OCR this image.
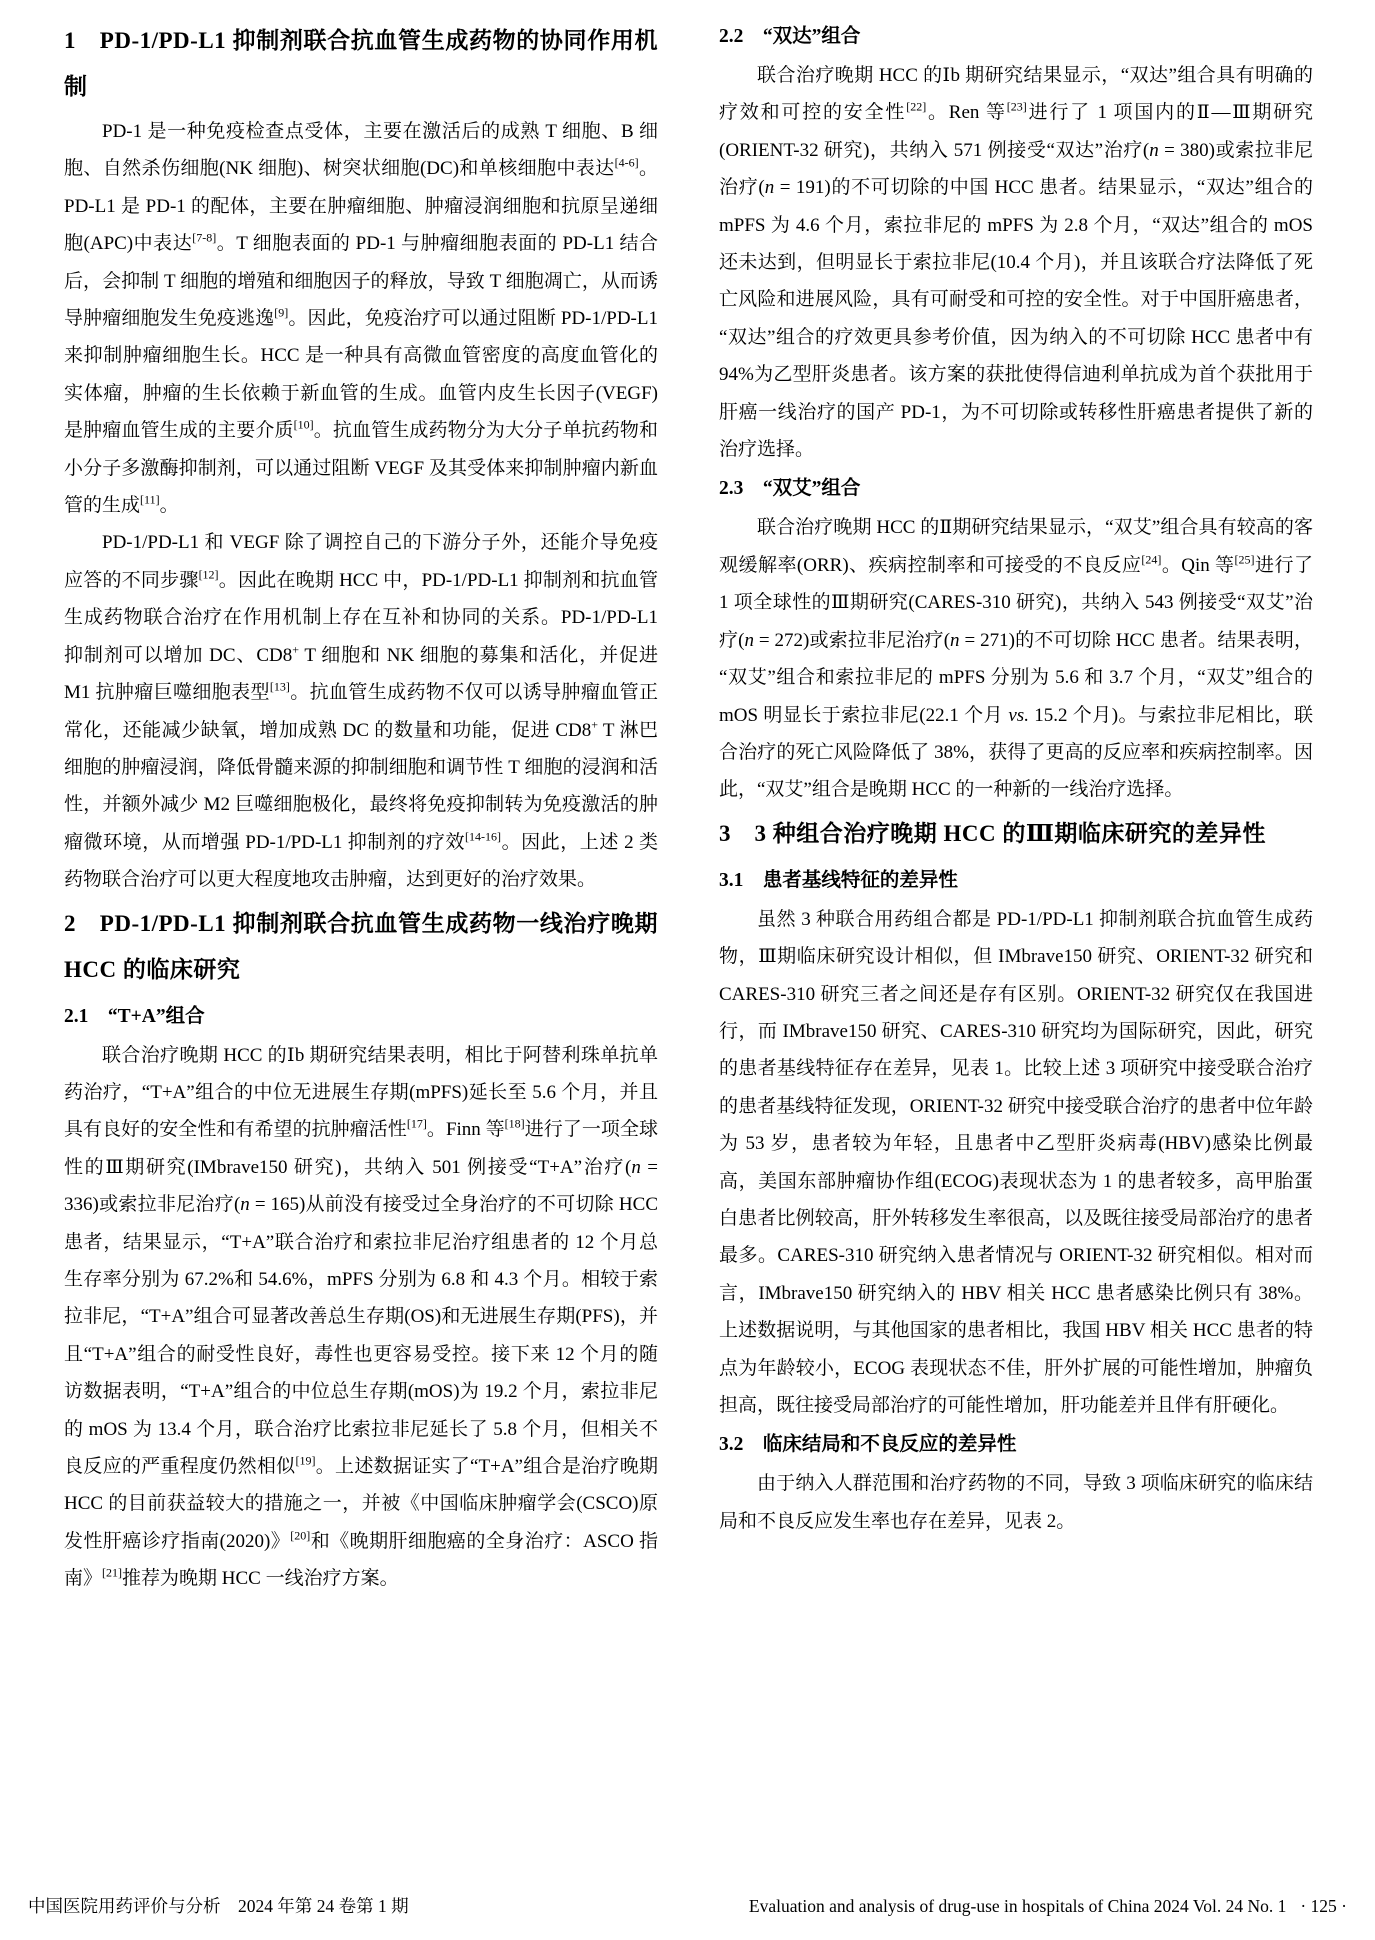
1　PD-1/PD-L1 抑制剂联合抗血管生成药物的协同作用机制
PD-1 是一种免疫检查点受体，主要在激活后的成熟 T 细胞、B 细胞、自然杀伤细胞(NK 细胞)、树突状细胞(DC)和单核细胞中表达[4-6]。PD-L1 是 PD-1 的配体，主要在肿瘤细胞、肿瘤浸润细胞和抗原呈递细胞(APC)中表达[7-8]。T 细胞表面的 PD-1 与肿瘤细胞表面的 PD-L1 结合后，会抑制 T 细胞的增殖和细胞因子的释放，导致 T 细胞凋亡，从而诱导肿瘤细胞发生免疫逃逸[9]。因此，免疫治疗可以通过阻断 PD-1/PD-L1 来抑制肿瘤细胞生长。HCC 是一种具有高微血管密度的高度血管化的实体瘤，肿瘤的生长依赖于新血管的生成。血管内皮生长因子(VEGF)是肿瘤血管生成的主要介质[10]。抗血管生成药物分为大分子单抗药物和小分子多激酶抑制剂，可以通过阻断 VEGF 及其受体来抑制肿瘤内新血管的生成[11]。
PD-1/PD-L1 和 VEGF 除了调控自己的下游分子外，还能介导免疫应答的不同步骤[12]。因此在晚期 HCC 中，PD-1/PD-L1 抑制剂和抗血管生成药物联合治疗在作用机制上存在互补和协同的关系。PD-1/PD-L1 抑制剂可以增加 DC、CD8+ T 细胞和 NK 细胞的募集和活化，并促进 M1 抗肿瘤巨噬细胞表型[13]。抗血管生成药物不仅可以诱导肿瘤血管正常化，还能减少缺氧，增加成熟 DC 的数量和功能，促进 CD8+ T 淋巴细胞的肿瘤浸润，降低骨髓来源的抑制细胞和调节性 T 细胞的浸润和活性，并额外减少 M2 巨噬细胞极化，最终将免疫抑制转为免疫激活的肿瘤微环境，从而增强 PD-1/PD-L1 抑制剂的疗效[14-16]。因此，上述 2 类药物联合治疗可以更大程度地攻击肿瘤，达到更好的治疗效果。
2　PD-1/PD-L1 抑制剂联合抗血管生成药物一线治疗晚期 HCC 的临床研究
2.1　“T+A”组合
联合治疗晚期 HCC 的Ⅰb 期研究结果表明，相比于阿替利珠单抗单药治疗，“T+A”组合的中位无进展生存期(mPFS)延长至 5.6 个月，并且具有良好的安全性和有希望的抗肿瘤活性[17]。Finn 等[18]进行了一项全球性的Ⅲ期研究(IMbrave150 研究)，共纳入 501 例接受“T+A”治疗(n = 336)或索拉非尼治疗(n = 165)从前没有接受过全身治疗的不可切除 HCC 患者，结果显示，“T+A”联合治疗和索拉非尼治疗组患者的 12 个月总生存率分别为 67.2%和 54.6%，mPFS 分别为 6.8 和 4.3 个月。相较于索拉非尼，“T+A”组合可显著改善总生存期(OS)和无进展生存期(PFS)，并且“T+A”组合的耐受性良好，毒性也更容易受控。接下来 12 个月的随访数据表明，“T+A”组合的中位总生存期(mOS)为 19.2 个月，索拉非尼的 mOS 为 13.4 个月，联合治疗比索拉非尼延长了 5.8 个月，但相关不良反应的严重程度仍然相似[19]。上述数据证实了“T+A”组合是治疗晚期 HCC 的目前获益较大的措施之一，并被《中国临床肿瘤学会(CSCO)原发性肝癌诊疗指南(2020)》[20]和《晚期肝细胞癌的全身治疗：ASCO 指南》[21]推荐为晚期 HCC 一线治疗方案。
2.2　“双达”组合
联合治疗晚期 HCC 的Ⅰb 期研究结果显示，“双达”组合具有明确的疗效和可控的安全性[22]。Ren 等[23]进行了 1 项国内的Ⅱ—Ⅲ期研究(ORIENT-32 研究)，共纳入 571 例接受“双达”治疗(n = 380)或索拉非尼治疗(n = 191)的不可切除的中国 HCC 患者。结果显示，“双达”组合的 mPFS 为 4.6 个月，索拉非尼的 mPFS 为 2.8 个月，“双达”组合的 mOS 还未达到，但明显长于索拉非尼(10.4 个月)，并且该联合疗法降低了死亡风险和进展风险，具有可耐受和可控的安全性。对于中国肝癌患者，“双达”组合的疗效更具参考价值，因为纳入的不可切除 HCC 患者中有 94%为乙型肝炎患者。该方案的获批使得信迪利单抗成为首个获批用于肝癌一线治疗的国产 PD-1，为不可切除或转移性肝癌患者提供了新的治疗选择。
2.3　“双艾”组合
联合治疗晚期 HCC 的Ⅱ期研究结果显示，“双艾”组合具有较高的客观缓解率(ORR)、疾病控制率和可接受的不良反应[24]。Qin 等[25]进行了 1 项全球性的Ⅲ期研究(CARES-310 研究)，共纳入 543 例接受“双艾”治疗(n = 272)或索拉非尼治疗(n = 271)的不可切除 HCC 患者。结果表明，“双艾”组合和索拉非尼的 mPFS 分别为 5.6 和 3.7 个月，“双艾”组合的 mOS 明显长于索拉非尼(22.1 个月 vs. 15.2 个月)。与索拉非尼相比，联合治疗的死亡风险降低了 38%，获得了更高的反应率和疾病控制率。因此，“双艾”组合是晚期 HCC 的一种新的一线治疗选择。
3　3 种组合治疗晚期 HCC 的Ⅲ期临床研究的差异性
3.1　患者基线特征的差异性
虽然 3 种联合用药组合都是 PD-1/PD-L1 抑制剂联合抗血管生成药物，Ⅲ期临床研究设计相似，但 IMbrave150 研究、ORIENT-32 研究和 CARES-310 研究三者之间还是存有区别。ORIENT-32 研究仅在我国进行，而 IMbrave150 研究、CARES-310 研究均为国际研究，因此，研究的患者基线特征存在差异，见表 1。比较上述 3 项研究中接受联合治疗的患者基线特征发现，ORIENT-32 研究中接受联合治疗的患者中位年龄为 53 岁，患者较为年轻，且患者中乙型肝炎病毒(HBV)感染比例最高，美国东部肿瘤协作组(ECOG)表现状态为 1 的患者较多，高甲胎蛋白患者比例较高，肝外转移发生率很高，以及既往接受局部治疗的患者最多。CARES-310 研究纳入患者情况与 ORIENT-32 研究相似。相对而言，IMbrave150 研究纳入的 HBV 相关 HCC 患者感染比例只有 38%。上述数据说明，与其他国家的患者相比，我国 HBV 相关 HCC 患者的特点为年龄较小，ECOG 表现状态不佳，肝外扩展的可能性增加，肿瘤负担高，既往接受局部治疗的可能性增加，肝功能差并且伴有肝硬化。
3.2　临床结局和不良反应的差异性
由于纳入人群范围和治疗药物的不同，导致 3 项临床研究的临床结局和不良反应发生率也存在差异，见表 2。
中国医院用药评价与分析　2024 年第 24 卷第 1 期	Evaluation and analysis of drug-use in hospitals of China 2024 Vol. 24 No. 1 · 125 ·
